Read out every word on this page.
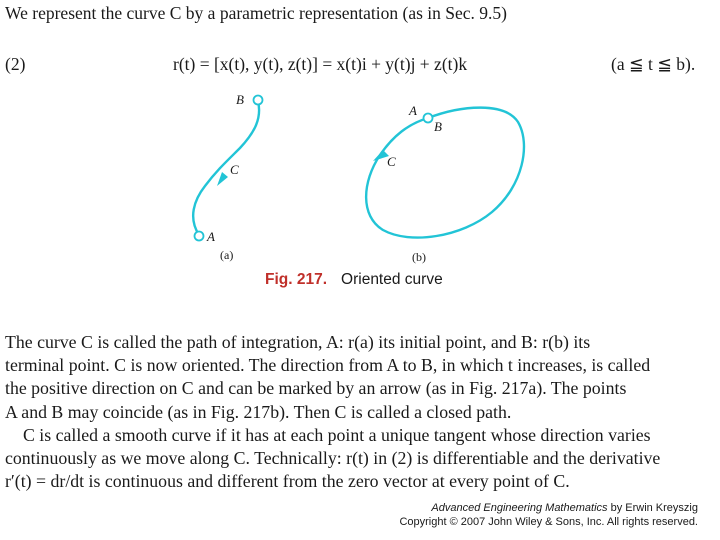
We represent the curve C by a parametric representation (as in Sec. 9.5)
(2)	r(t) = [x(t), y(t), z(t)] = x(t)i + y(t)j + z(t)k	(a ≦ t ≦ b).
B
C
A
(a)
A
B
C
(b)
Fig. 217. Oriented curve
The curve C is called the path of integration, A: r(a) its initial point, and B: r(b) its
terminal point. C is now oriented. The direction from A to B, in which t increases, is called
the positive direction on C and can be marked by an arrow (as in Fig. 217a). The points
A and B may coincide (as in Fig. 217b). Then C is called a closed path.
C is called a smooth curve if it has at each point a unique tangent whose direction varies
continuously as we move along C. Technically: r(t) in (2) is differentiable and the derivative
r′(t) = dr/dt is continuous and different from the zero vector at every point of C.
Advanced Engineering Mathematics by Erwin Kreyszig
Copyright © 2007 John Wiley & Sons, Inc. All rights reserved.
